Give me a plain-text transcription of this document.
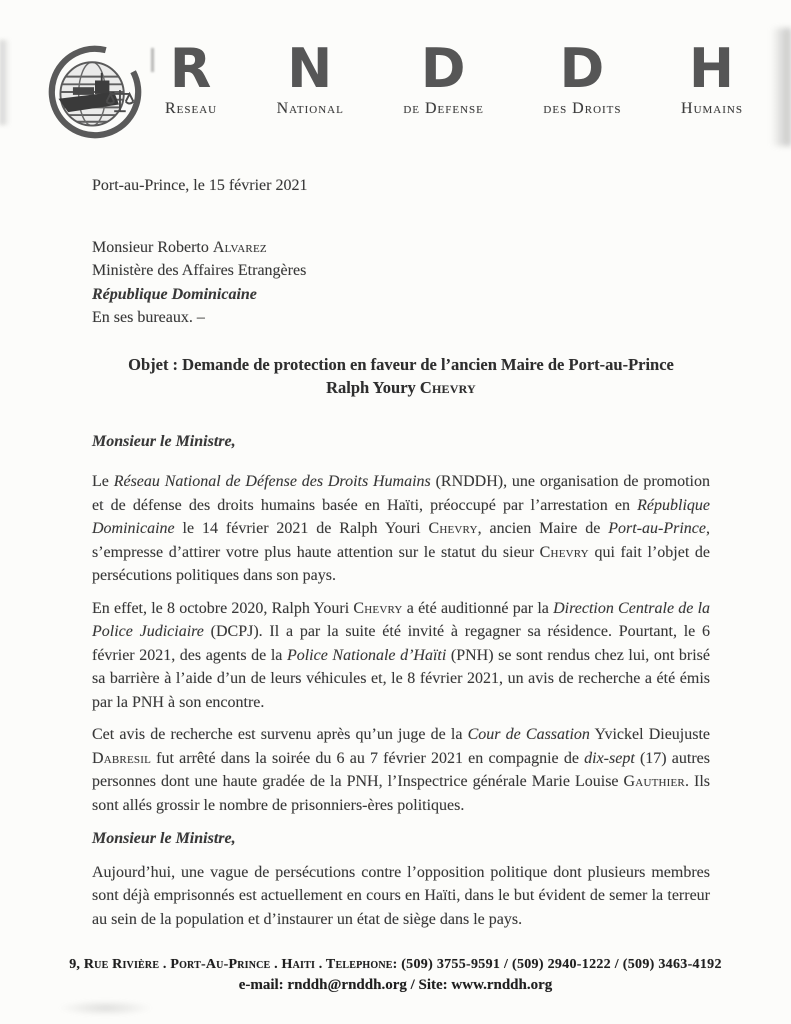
R
Reseau
N
National
D
de Defense
D
des Droits
H
Humains

Port-au-Prince, le 15 février 2021

Monsieur Roberto Alvarez

Ministère des Affaires Etrangères

République Dominicaine

En ses bureaux. –

Objet : Demande de protection en faveur de l’ancien Maire de Port-au-Prince

Ralph Youry Chevry

Monsieur le Ministre,

Le Réseau National de Défense des Droits Humains (RNDDH), une organisation de promotion et de défense des droits humains basée en Haïti, préoccupé par l’arrestation en République Dominicaine le 14 février 2021 de Ralph Youri Chevry, ancien Maire de Port-au-Prince, s’empresse d’attirer votre plus haute attention sur le statut du sieur Chevry qui fait l’objet de persécutions politiques dans son pays.

En effet, le 8 octobre 2020, Ralph Youri Chevry a été auditionné par la Direction Centrale de la Police Judiciaire (DCPJ). Il a par la suite été invité à regagner sa résidence. Pourtant, le 6 février 2021, des agents de la Police Nationale d’Haïti (PNH) se sont rendus chez lui, ont brisé sa barrière à l’aide d’un de leurs véhicules et, le 8 février 2021, un avis de recherche a été émis par la PNH à son encontre.

Cet avis de recherche est survenu après qu’un juge de la Cour de Cassation Yvickel Dieujuste Dabresil fut arrêté dans la soirée du 6 au 7 février 2021 en compagnie de dix-sept (17) autres personnes dont une haute gradée de la PNH, l’Inspectrice générale Marie Louise Gauthier. Ils sont allés grossir le nombre de prisonniers-ères politiques.

Monsieur le Ministre,

Aujourd’hui, une vague de persécutions contre l’opposition politique dont plusieurs membres sont déjà emprisonnés est actuellement en cours en Haïti, dans le but évident de semer la terreur au sein de la population et d’instaurer un état de siège dans le pays.

9, Rue Rivière . Port-Au-Prince . Haiti . Telephone: (509) 3755-9591 / (509) 2940-1222 / (509) 3463-4192

e-mail: rnddh@rnddh.org / Site: www.rnddh.org
